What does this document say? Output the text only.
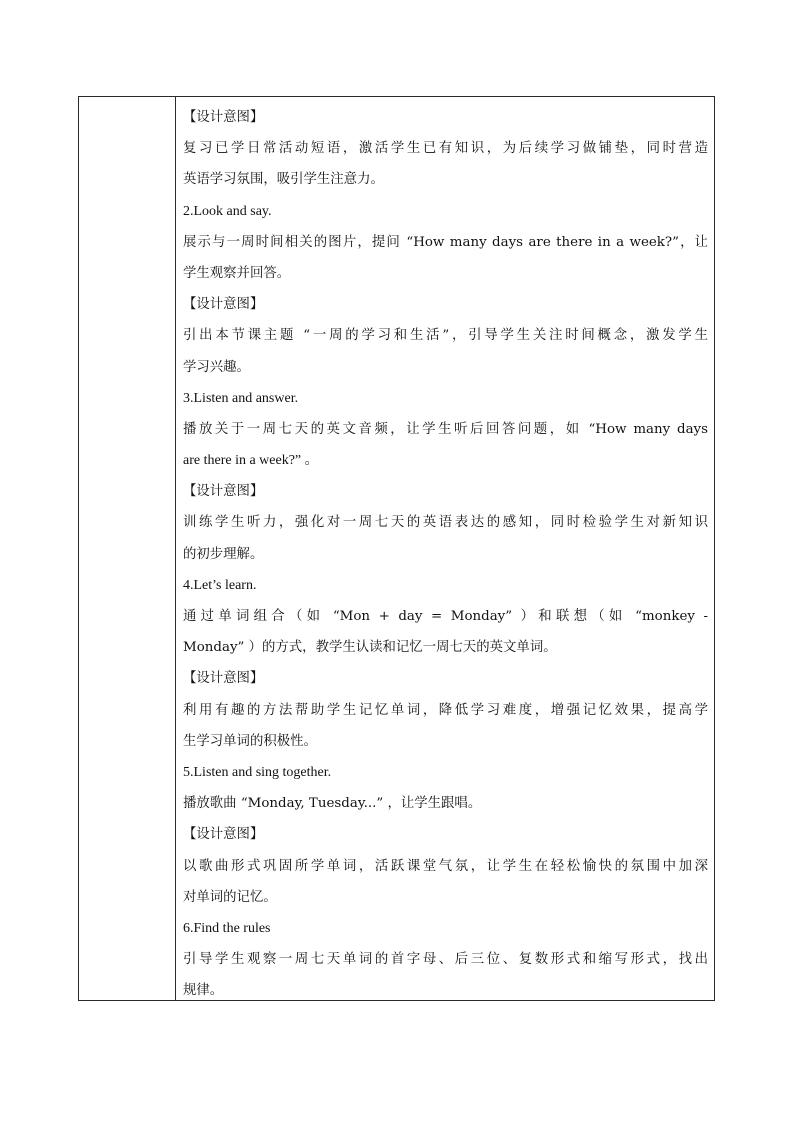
【设计意图】
复习已学日常活动短语，激活学生已有知识，为后续学习做铺垫，同时营造
英语学习氛围，吸引学生注意力。
2.Look and say.
展示与一周时间相关的图片，提问 “How many days are there in a week?”，让
学生观察并回答。
【设计意图】
引出本节课主题 “一周的学习和生活”，引导学生关注时间概念，激发学生
学习兴趣。
3.Listen and answer.
播放关于一周七天的英文音频，让学生听后回答问题，如 “How many days
are there in a week?” 。
【设计意图】
训练学生听力，强化对一周七天的英语表达的感知，同时检验学生对新知识
的初步理解。
4.Let’s learn.
通过单词组合（如 “Mon + day = Monday” ）和联想（如 “monkey -
Monday” ）的方式，教学生认读和记忆一周七天的英文单词。
【设计意图】
利用有趣的方法帮助学生记忆单词，降低学习难度，增强记忆效果，提高学
生学习单词的积极性。
5.Listen and sing together.
播放歌曲 “Monday, Tuesday...” ，让学生跟唱。
【设计意图】
以歌曲形式巩固所学单词，活跃课堂气氛，让学生在轻松愉快的氛围中加深
对单词的记忆。
6.Find the rules
引导学生观察一周七天单词的首字母、后三位、复数形式和缩写形式，找出
规律。
